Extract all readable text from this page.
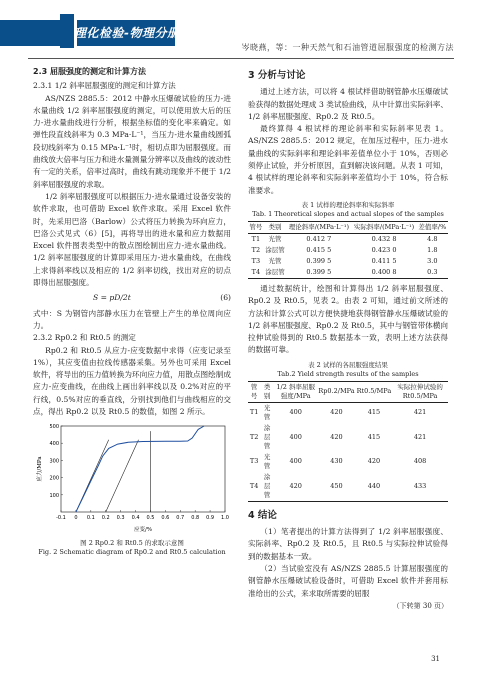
理化检验-物理分册
岑晓燕，等：一种天然气和石油管道屈服强度的检测方法
2.3 屈服强度的测定和计算方法
2.3.1 1/2 斜率屈服强度的测定和计算方法

AS/NZS 2885.5：2012 中静水压爆破试验的压力-进水量曲线 1/2 斜率屈服强度的测定，可以使用放大后的压力-进水量曲线进行分析，根据坐标值的变化率来确定。如弹性段直线斜率为 0.3 MPa·L⁻¹，当压力-进水量曲线圆弧段切线斜率为 0.15 MPa·L⁻¹时，相切点即为屈服强度。而曲线放大倍率与压力和进水量测量分辨率以及曲线的波动性有一定的关系，倍率过高时，曲线有跳动现象并不便于 1/2 斜率屈服强度的求取。

1/2 斜率屈服强度可以根据压力-进水量通过设备安装的软件求取，也可借助 Excel 软件求取。采用 Excel 软件时，先采用巴洛（Barlow）公式将压力转换为环向应力，巴洛公式见式（6）[5]，再将导出的进水量和应力数据用 Excel 软件图表类型中的散点图绘制出应力-进水量曲线。1/2 斜率屈服强度的计算即采用压力-进水量曲线，在曲线上求得斜率线以及相应的 1/2 斜率切线，找出对应的切点即得出屈服强度。

S = pD/2t	(6)

式中：S 为钢管内部静水压力在管壁上产生的单位周向应力。

2.3.2 Rp0.2 和 Rt0.5 的测定

Rp0.2 和 Rt0.5 从应力-应变数据中求得（应变记录至 1%），其应变值由拉线传感器采集。另外也可采用 Excel 软件，将导出的压力值转换为环向应力值，用散点图绘制成应力-应变曲线，在曲线上画出斜率线以及 0.2%对应的平行线，0.5%对应的垂直线，分别找到他们与曲线相应的交点，得出 Rp0.2 以及 Rt0.5 的数值，如图 2 所示。

-0.1 0 0.1 0.2 0.3 0.4 0.5 0.6 0.7 0.8 0.9 1.0
100
200
300
400
500
应力/MPa
应变/%
图 2 Rp0.2 和 Rt0.5 的求取示意图
Fig. 2 Schematic diagram of Rp0.2 and Rt0.5 calculation
3 分析与讨论

通过上述方法，可以将 4 根试样借助钢管静水压爆破试验获得的数据处理成 3 类试验曲线，从中计算出实际斜率、1/2 斜率屈服强度、Rp0.2 及 Rt0.5。

最终算得 4 根试样的理论斜率和实际斜率见表 1。AS/NZS 2885.5：2012 规定，在加压过程中，压力-进水量曲线的实际斜率和理论斜率差值单位小于 10%，否则必须停止试验，并分析原因，直到解决该问题。从表 1 可知，4 根试样的理论斜率和实际斜率差值均小于 10%，符合标准要求。

表 1 试样的理论斜率和实际斜率
Tab. 1 Theoretical slopes and actual slopes of the samples
管号	类别	理论斜率/(MPa·L⁻¹)	实际斜率/(MPa·L⁻¹)	差值率/%
T1	光管	0.412 7	0.432 8	4.8
T2	涂层管	0.415 5	0.423 0	1.8
T3	光管	0.399 5	0.411 5	3.0
T4	涂层管	0.399 5	0.400 8	0.3

通过数据统计，绘图和计算得出 1/2 斜率屈服强度、Rp0.2 及 Rt0.5，见表 2。由表 2 可知，通过前文所述的方法和计算公式可以方便快捷地获得钢管静水压爆破试验的 1/2 斜率屈服强度、Rp0.2 及 Rt0.5，其中与钢管带体横向拉伸试验得到的 Rt0.5 数据基本一致，表明上述方法获得的数据可靠。

表 2 试样的各屈服强度结果
Tab.2 Yield strength results of the samples
管号	类别	1/2 斜率屈服强度/MPa	Rp0.2/MPa	Rt0.5/MPa	实际拉伸试验的 Rt0.5/MPa
T1	光管	400	420	415	421
T2	涂层管	400	420	415	421
T3	光管	400	430	420	408
T4	涂层管	420	450	440	433
4 结论

（1）笔者提出的计算方法得到了 1/2 斜率屈服强度、实际斜率、Rp0.2 及 Rt0.5，且 Rt0.5 与实际拉伸试验得到的数据基本一致。

（2）当试验室没有 AS/NZS 2885.5 计算屈服强度的钢管静水压爆破试验设备时，可借助 Excel 软件并套用标准给出的公式，来求取所需要的屈服

（下转第 30 页）
31
